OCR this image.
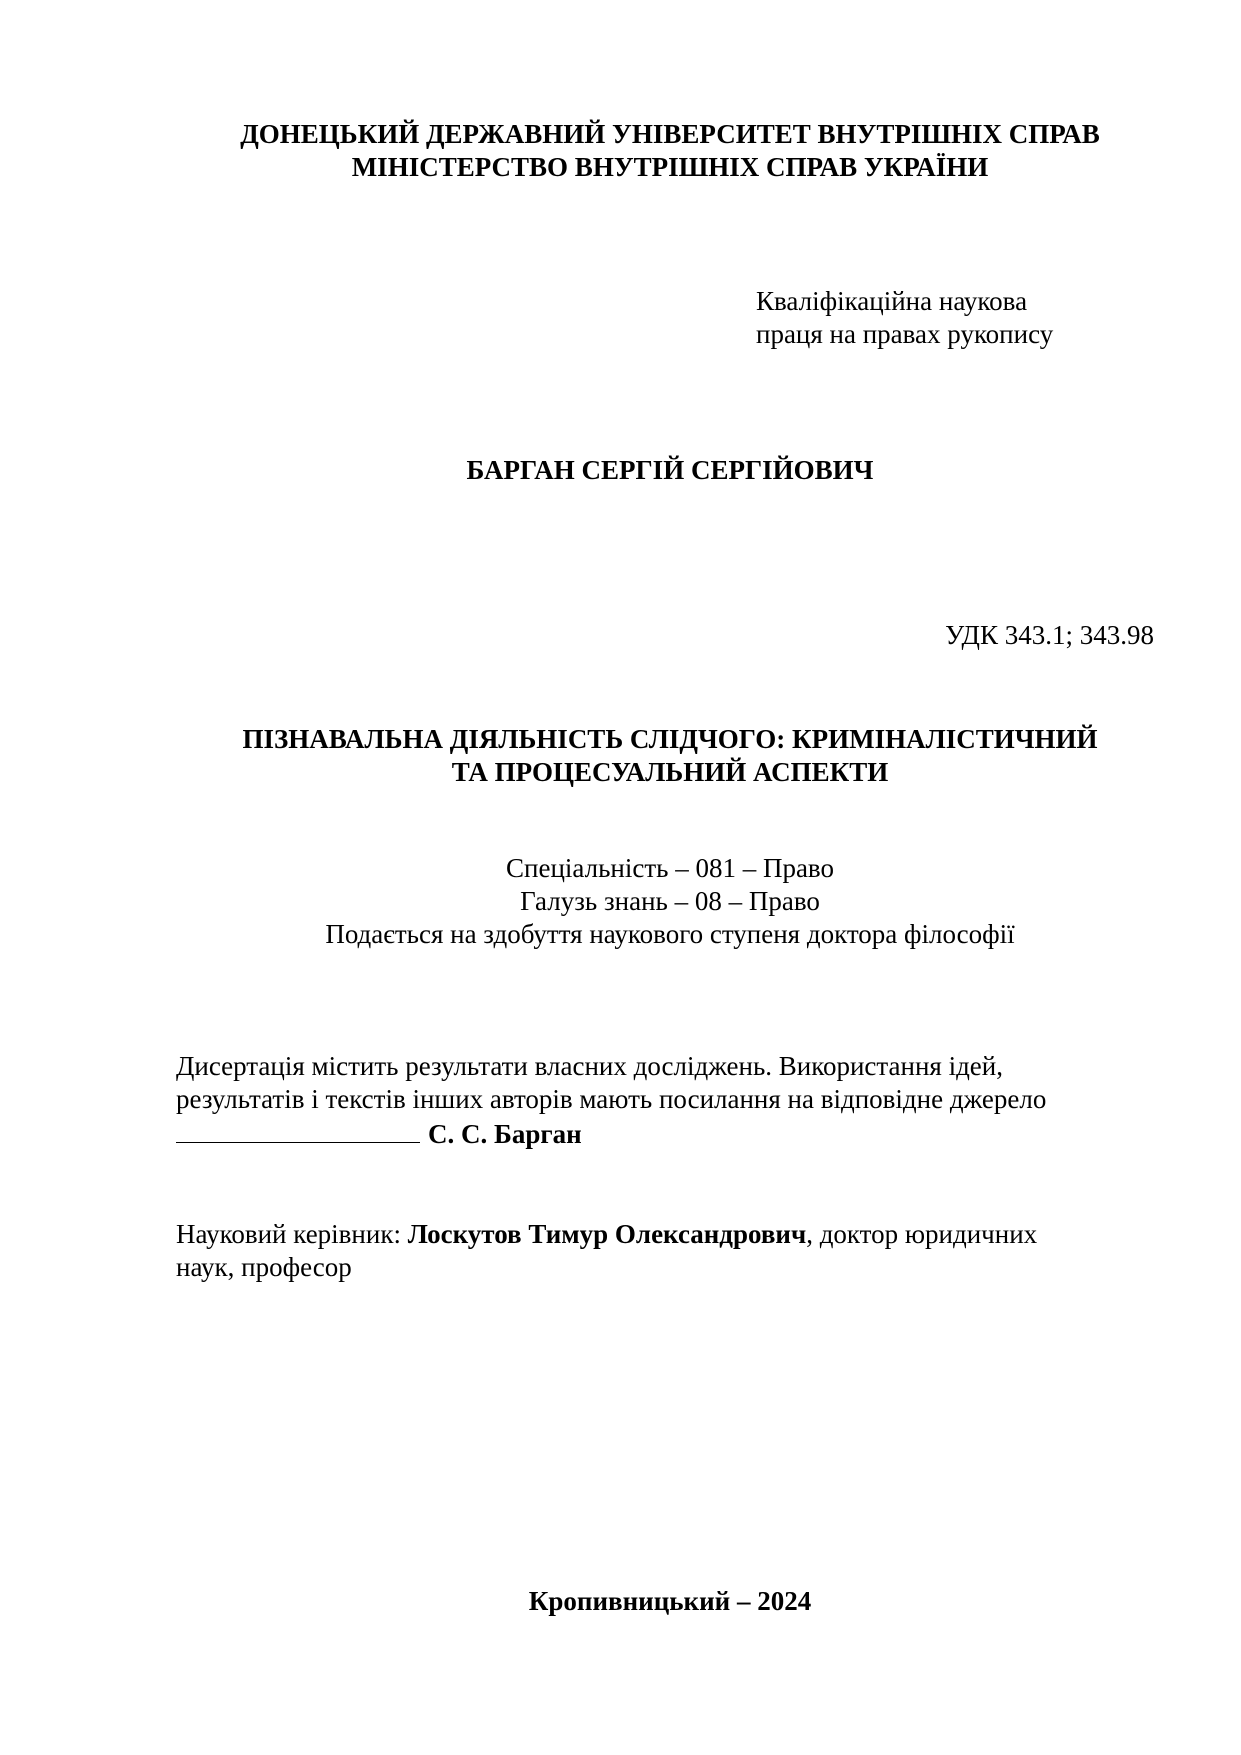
ДОНЕЦЬКИЙ ДЕРЖАВНИЙ УНІВЕРСИТЕТ ВНУТРІШНІХ СПРАВ
МІНІСТЕРСТВО ВНУТРІШНІХ СПРАВ УКРАЇНИ
Кваліфікаційна наукова
праця на правах рукопису
БАРГАН СЕРГІЙ СЕРГІЙОВИЧ
УДК 343.1; 343.98
ПІЗНАВАЛЬНА ДІЯЛЬНІСТЬ СЛІДЧОГО: КРИМІНАЛІСТИЧНИЙ
ТА ПРОЦЕСУАЛЬНИЙ АСПЕКТИ
Спеціальність – 081 – Право
Галузь знань – 08 – Право
Подається на здобуття наукового ступеня доктора філософії
Дисертація містить результати власних досліджень. Використання ідей,
результатів і текстів інших авторів мають посилання на відповідне джерело
С. С. Барган
Науковий керівник: Лоскутов Тимур Олександрович, доктор юридичних
наук, професор
Кропивницький – 2024
